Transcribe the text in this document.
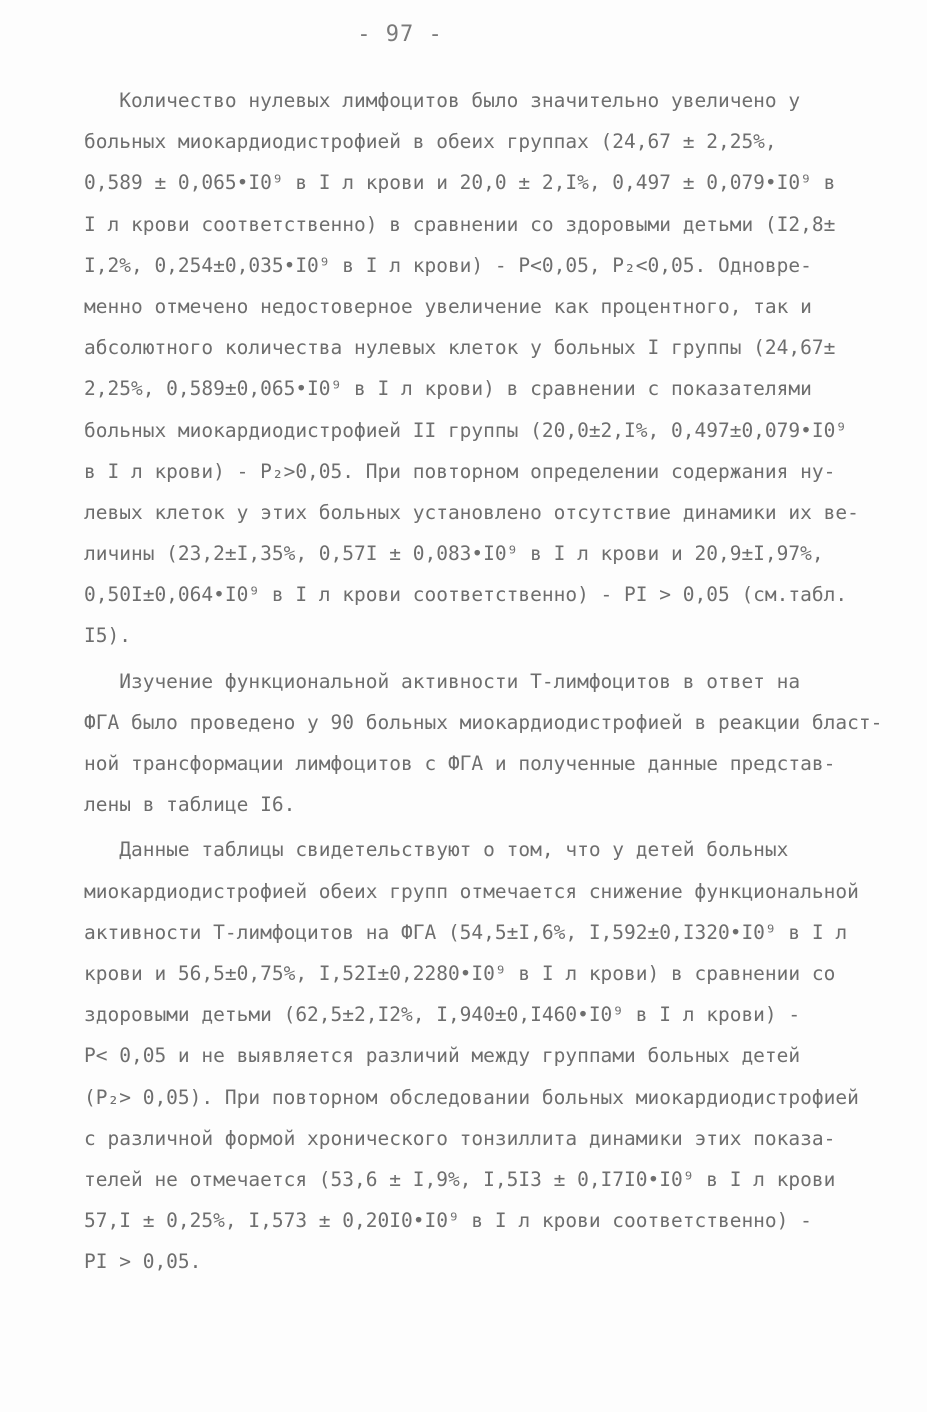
- 97 -
Количество нулевых лимфоцитов было значительно увеличено у
больных миокардиодистрофией в обеих группах (24,67 ± 2,25%,
0,589 ± 0,065•I0⁹ в I л крови и 20,0 ± 2,I%, 0,497 ± 0,079•I0⁹ в
I л крови соответственно) в сравнении со здоровыми детьми (I2,8±
I,2%, 0,254±0,035•I0⁹ в I л крови) - P<0,05, P₂<0,05. Одновре-
менно отмечено недостоверное увеличение как процентного, так и
абсолютного количества нулевых клеток у больных I группы (24,67±
2,25%, 0,589±0,065•I0⁹ в I л крови) в сравнении с показателями
больных миокардиодистрофией II группы (20,0±2,I%, 0,497±0,079•I0⁹
в I л крови) - P₂>0,05. При повторном определении содержания ну-
левых клеток у этих больных установлено отсутствие динамики их ве-
личины (23,2±I,35%, 0,57I ± 0,083•I0⁹ в I л крови и 20,9±I,97%,
0,50I±0,064•I0⁹ в I л крови соответственно) - PI > 0,05 (см.табл.
I5).
Изучение функциональной активности T-лимфоцитов в ответ на
ФГА было проведено у 90 больных миокардиодистрофией в реакции бласт-
ной трансформации лимфоцитов с ФГА и полученные данные представ-
лены в таблице I6.
Данные таблицы свидетельствуют о том, что у детей больных
миокардиодистрофией обеих групп отмечается снижение функциональной
активности T-лимфоцитов на ФГА (54,5±I,6%, I,592±0,I320•I0⁹ в I л
крови и 56,5±0,75%, I,52I±0,2280•I0⁹ в I л крови) в сравнении со
здоровыми детьми (62,5±2,I2%, I,940±0,I460•I0⁹ в I л крови) -
P< 0,05 и не выявляется различий между группами больных детей
(P₂> 0,05). При повторном обследовании больных миокардиодистрофией
с различной формой хронического тонзиллита динамики этих показа-
телей не отмечается (53,6 ± I,9%, I,5I3 ± 0,I7I0•I0⁹ в I л крови
57,I ± 0,25%, I,573 ± 0,20I0•I0⁹ в I л крови соответственно) -
PI > 0,05.
